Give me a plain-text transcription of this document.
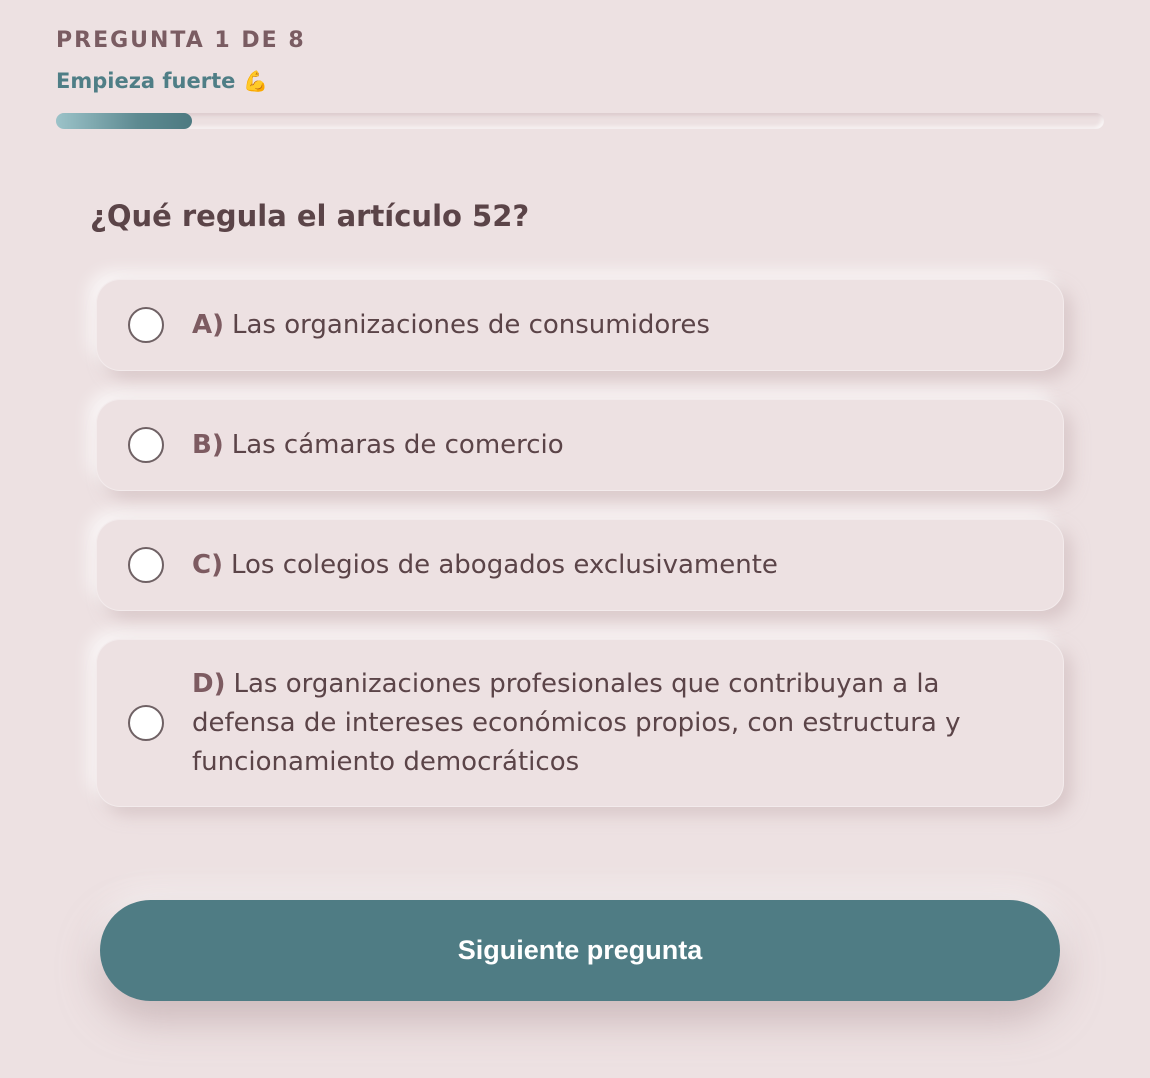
PREGUNTA 1 DE 8
Empieza fuerte 💪
¿Qué regula el artículo 52?
A) Las organizaciones de consumidores
B) Las cámaras de comercio
C) Los colegios de abogados exclusivamente
D) Las organizaciones profesionales que contribuyan a la defensa de intereses económicos propios, con estructura y funcionamiento democráticos
Siguiente pregunta
